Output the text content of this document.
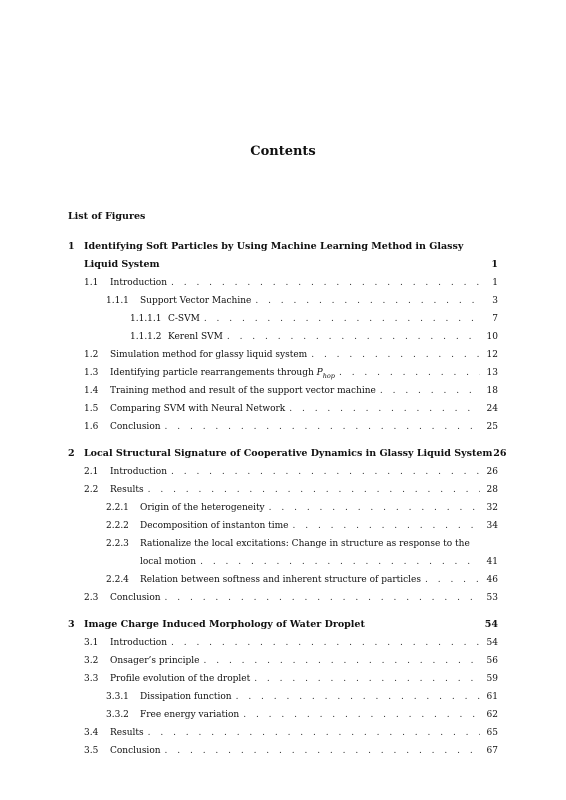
Contents
List of Figures
1 Identifying Soft Particles by Using Machine Learning Method in Glassy
Liquid System	1
1.1	Introduction . . .	1
1.1.1	Support Vector Machine . . .	3
1.1.1.1 C-SVM . . .	7
1.1.1.2 Kerenl SVM . . .	10
1.2	Simulation method for glassy liquid system . . .	12
1.3	Identifying particle rearrangements through $P_{hop}$ . . .	13
1.4	Training method and result of the support vector machine . . .	18
1.5	Comparing SVM with Neural Network . . .	24
1.6	Conclusion . . .	25
2 Local Structural Signature of Cooperative Dynamics in Glassy Liquid System 26
2.1	Introduction . . .	26
2.2	Results . . .	28
2.2.1	Origin of the heterogeneity . . .	32
2.2.2	Decomposition of instanton time . . .	34
2.2.3	Rationalize the local excitations: Change in structure as response to the
local motion . . .	41
2.2.4	Relation between softness and inherent structure of particles . . .	46
2.3	Conclusion . . .	53
3 Image Charge Induced Morphology of Water Droplet	54
3.1	Introduction . . .	54
3.2	Onsager’s principle . . .	56
3.3	Profile evolution of the droplet . . .	59
3.3.1	Dissipation function . . .	61
3.3.2	Free energy variation . . .	62
3.4	Results . . .	65
3.5	Conclusion . . .	67
